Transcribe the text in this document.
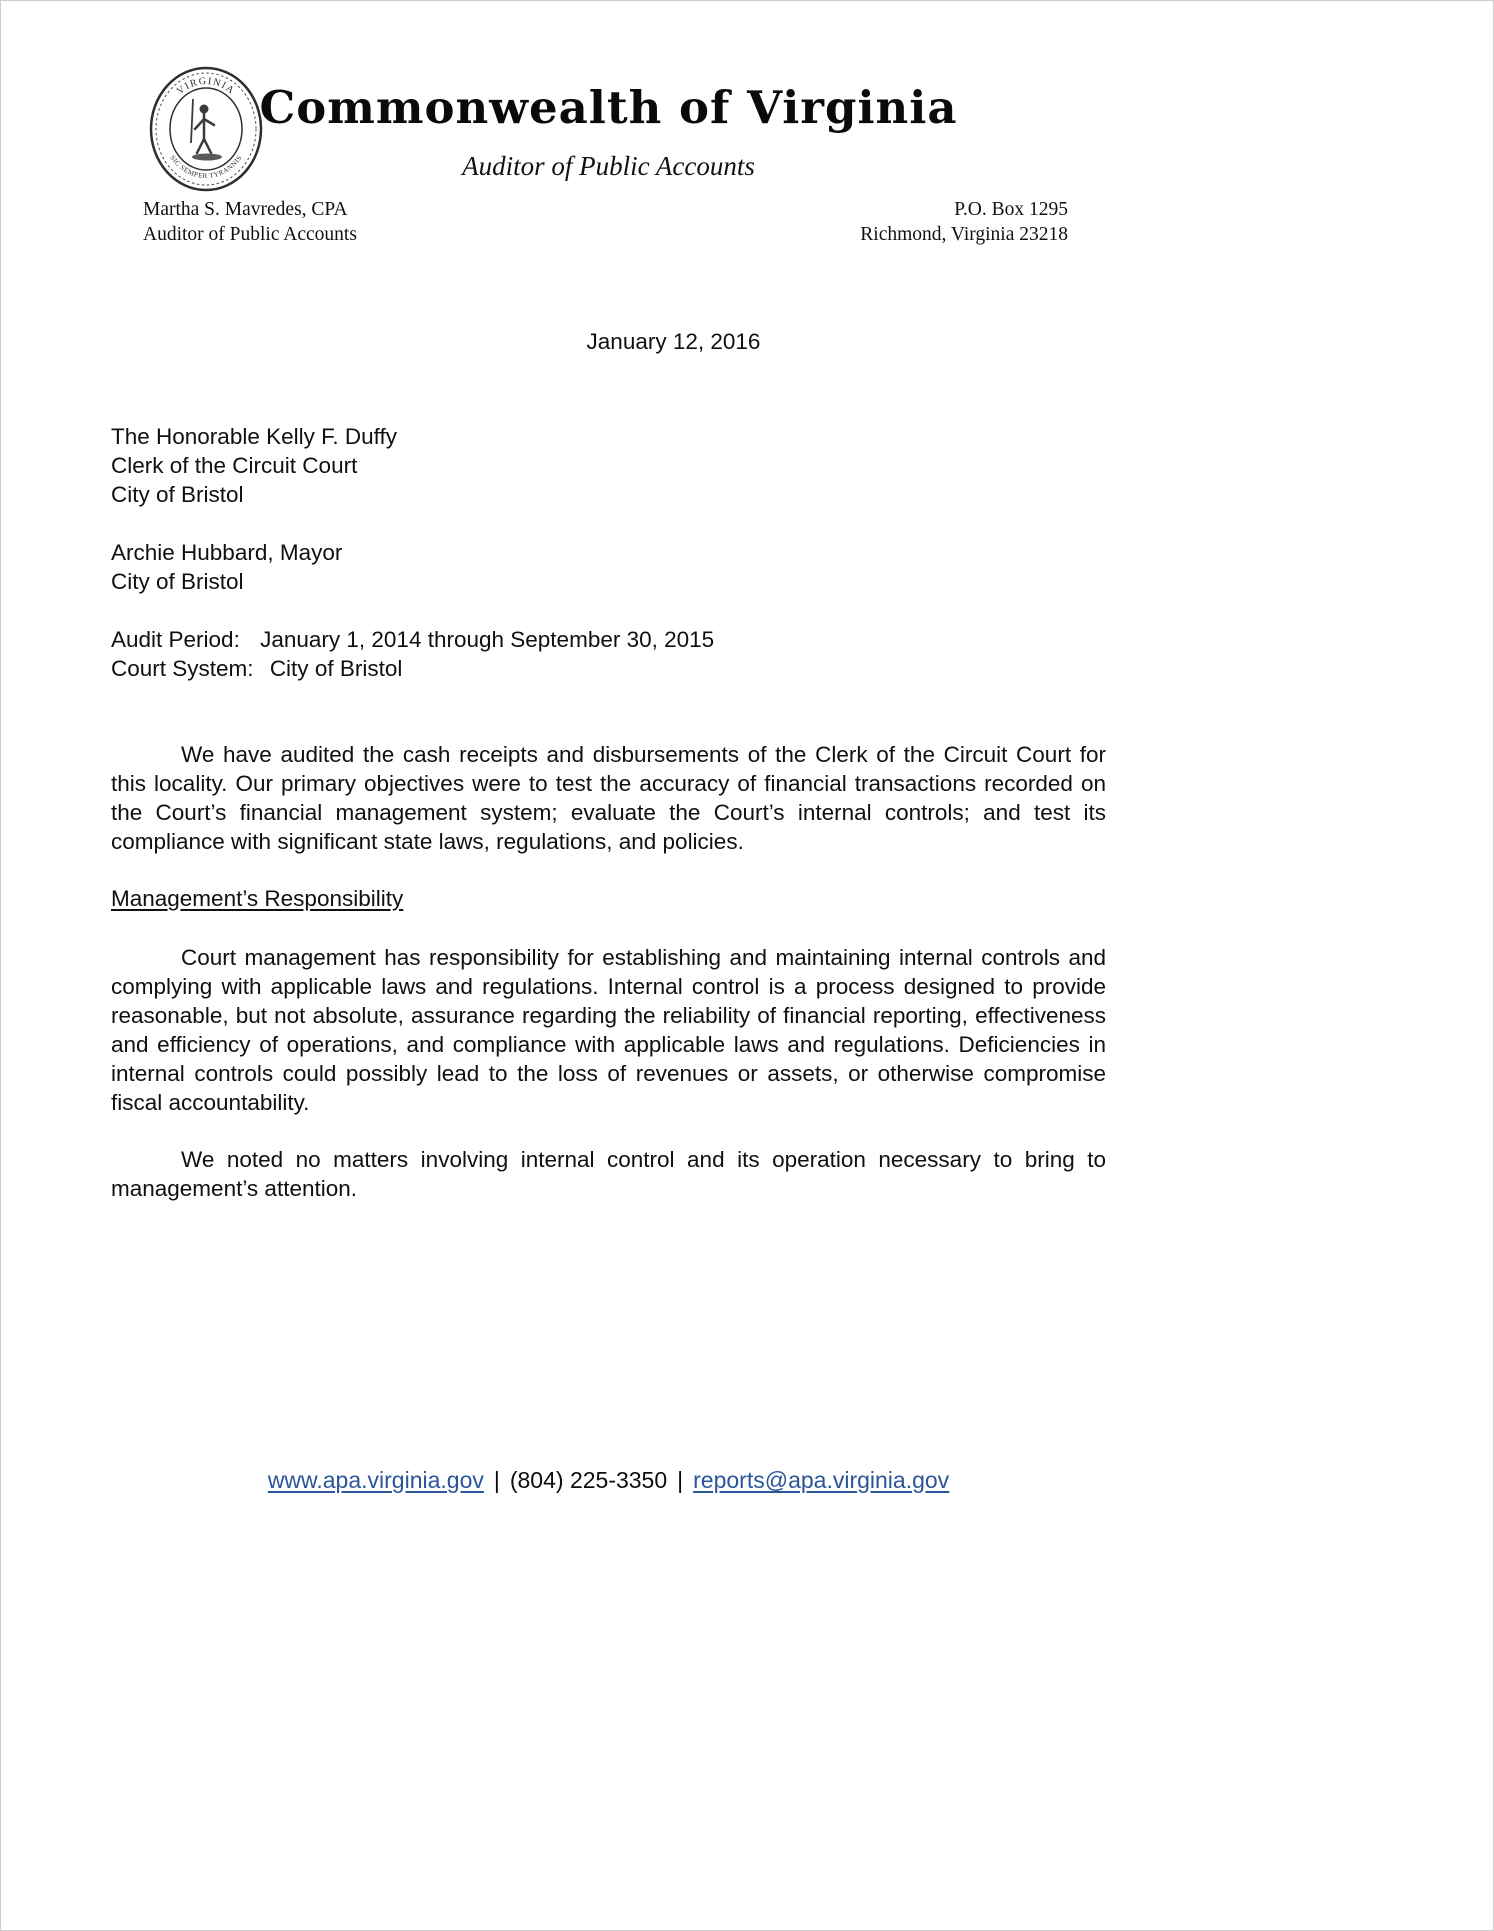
VIRGINIA
SIC SEMPER TYRANNIS
Commonwealth of Virginia
Auditor of Public Accounts
Martha S. Mavredes, CPA
Auditor of Public Accounts
P.O. Box 1295
Richmond, Virginia 23218
January 12, 2016
The Honorable Kelly F. Duffy
Clerk of the Circuit Court
City of Bristol
Archie Hubbard, Mayor
City of Bristol
Audit Period: January 1, 2014 through September 30, 2015
Court System: City of Bristol
We have audited the cash receipts and disbursements of the Clerk of the Circuit Court for this locality. Our primary objectives were to test the accuracy of financial transactions recorded on the Court’s financial management system; evaluate the Court’s internal controls; and test its compliance with significant state laws, regulations, and policies.
Management’s Responsibility
Court management has responsibility for establishing and maintaining internal controls and complying with applicable laws and regulations. Internal control is a process designed to provide reasonable, but not absolute, assurance regarding the reliability of financial reporting, effectiveness and efficiency of operations, and compliance with applicable laws and regulations. Deficiencies in internal controls could possibly lead to the loss of revenues or assets, or otherwise compromise fiscal accountability.
We noted no matters involving internal control and its operation necessary to bring to management’s attention.
www.apa.virginia.gov | (804) 225-3350 | reports@apa.virginia.gov
